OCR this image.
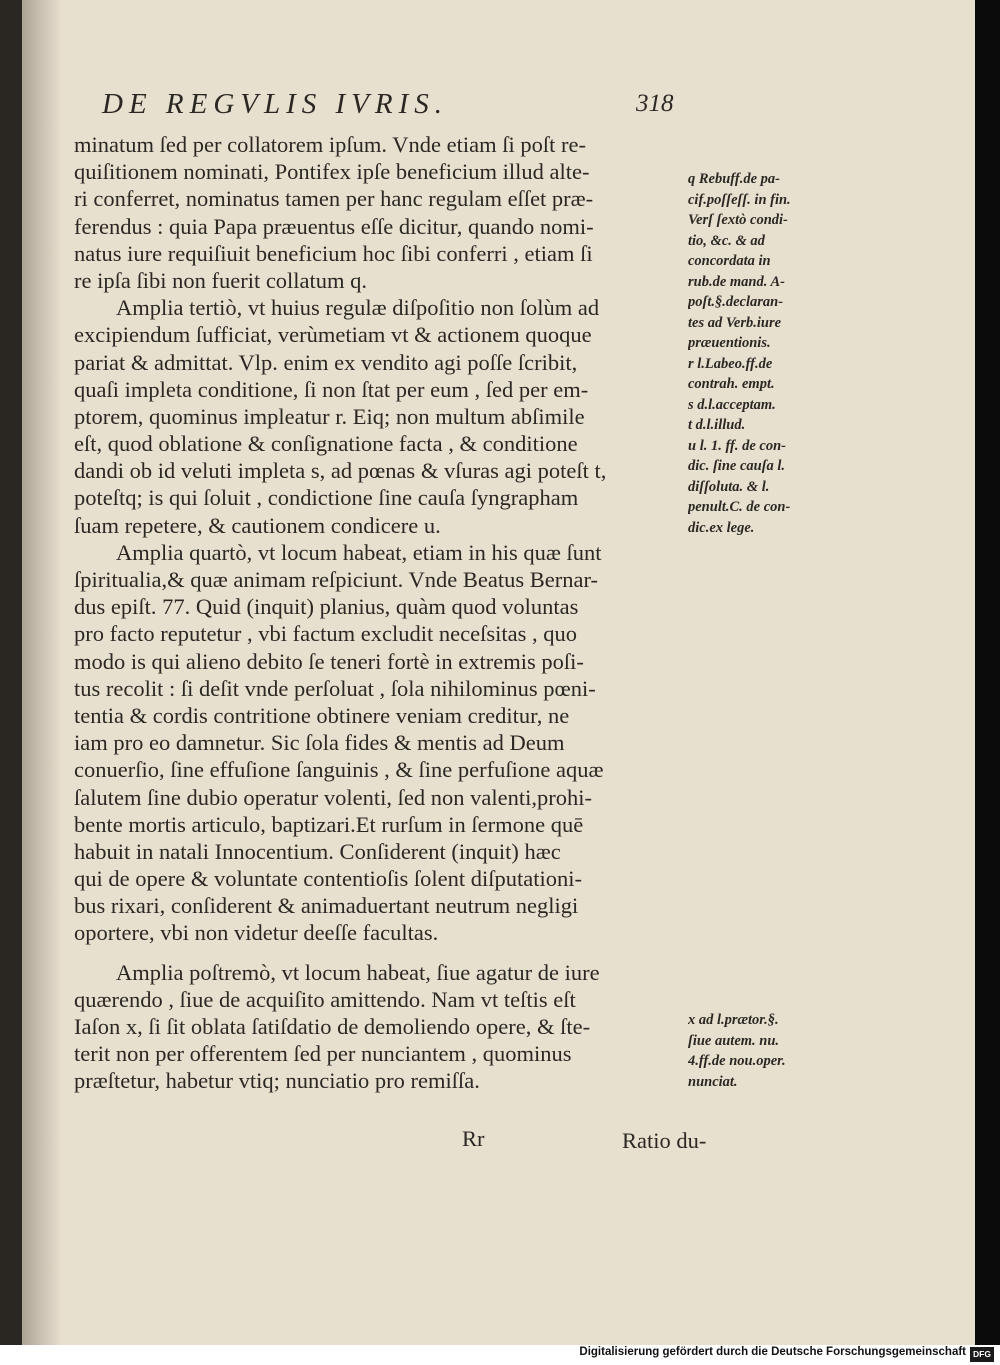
DE REGVLIS IVRIS.	318
minatum ſed per collatorem ipſum. Vnde etiam ſi poſt re-
quiſitionem nominati, Pontifex ipſe beneficium illud alte-
ri conferret, nominatus tamen per hanc regulam eſſet præ-
ferendus : quia Papa præuentus eſſe dicitur, quando nomi-
natus iure requiſiuit beneficium hoc ſibi conferri , etiam ſi
re ipſa ſibi non fuerit collatum q.
Amplia tertiò, vt huius regulæ diſpoſitio non ſolùm ad
excipiendum ſufficiat, verùmetiam vt & actionem quoque
pariat & admittat. Vlp. enim ex vendito agi poſſe ſcribit,
quaſi impleta conditione, ſi non ſtat per eum , ſed per em-
ptorem, quominus impleatur r. Eiq; non multum abſimile
eſt, quod oblatione & conſignatione facta , & conditione
dandi ob id veluti impleta s, ad pœnas & vſuras agi poteſt t,
poteſtq; is qui ſoluit , condictione ſine cauſa ſyngrapham
ſuam repetere, & cautionem condicere u.
Amplia quartò, vt locum habeat, etiam in his quæ ſunt
ſpiritualia,& quæ animam reſpiciunt. Vnde Beatus Bernar-
dus epiſt. 77. Quid (inquit) planius, quàm quod voluntas
pro facto reputetur , vbi factum excludit neceſsitas , quo
modo is qui alieno debito ſe teneri fortè in extremis poſi-
tus recolit : ſi deſit vnde perſoluat , ſola nihilominus pœni-
tentia & cordis contritione obtinere veniam creditur, ne
iam pro eo damnetur. Sic ſola fides & mentis ad Deum
conuerſio, ſine effuſione ſanguinis , & ſine perfuſione aquæ
ſalutem ſine dubio operatur volenti, ſed non valenti,prohi-
bente mortis articulo, baptizari.Et rurſum in ſermone quē
habuit in natali Innocentium. Conſiderent (inquit) hæc
qui de opere & voluntate contentioſis ſolent diſputationi-
bus rixari, conſiderent & animaduertant neutrum negligi
oportere, vbi non videtur deeſſe facultas.
Amplia poſtremò, vt locum habeat, ſiue agatur de iure
quærendo , ſiue de acquiſito amittendo. Nam vt teſtis eſt
Iaſon x, ſi ſit oblata ſatiſdatio de demoliendo opere, & ſte-
terit non per offerentem ſed per nunciantem , quominus
præſtetur, habetur vtiq; nunciatio pro remiſſa.
q Rebuff.de pa-
cif.poſſeſſ. in fin.
Verſ ſextò condi-
tio, &c. & ad
concordata in
rub.de mand. A-
poſt.§.declaran-
tes ad Verb.iure
præuentionis.
r l.Labeo.ff.de
contrah. empt.
s d.l.acceptam.
t d.l.illud.
u l. 1. ff. de con-
dic. ſine cauſa l.
diſſoluta. & l.
penult.C. de con-
dic.ex lege.
x ad l.prætor.§.
ſiue autem. nu.
4.ff.de nou.oper.
nunciat.
Rr	Ratio du-
Digitalisierung gefördert durch die Deutsche Forschungsgemeinschaft DFG
